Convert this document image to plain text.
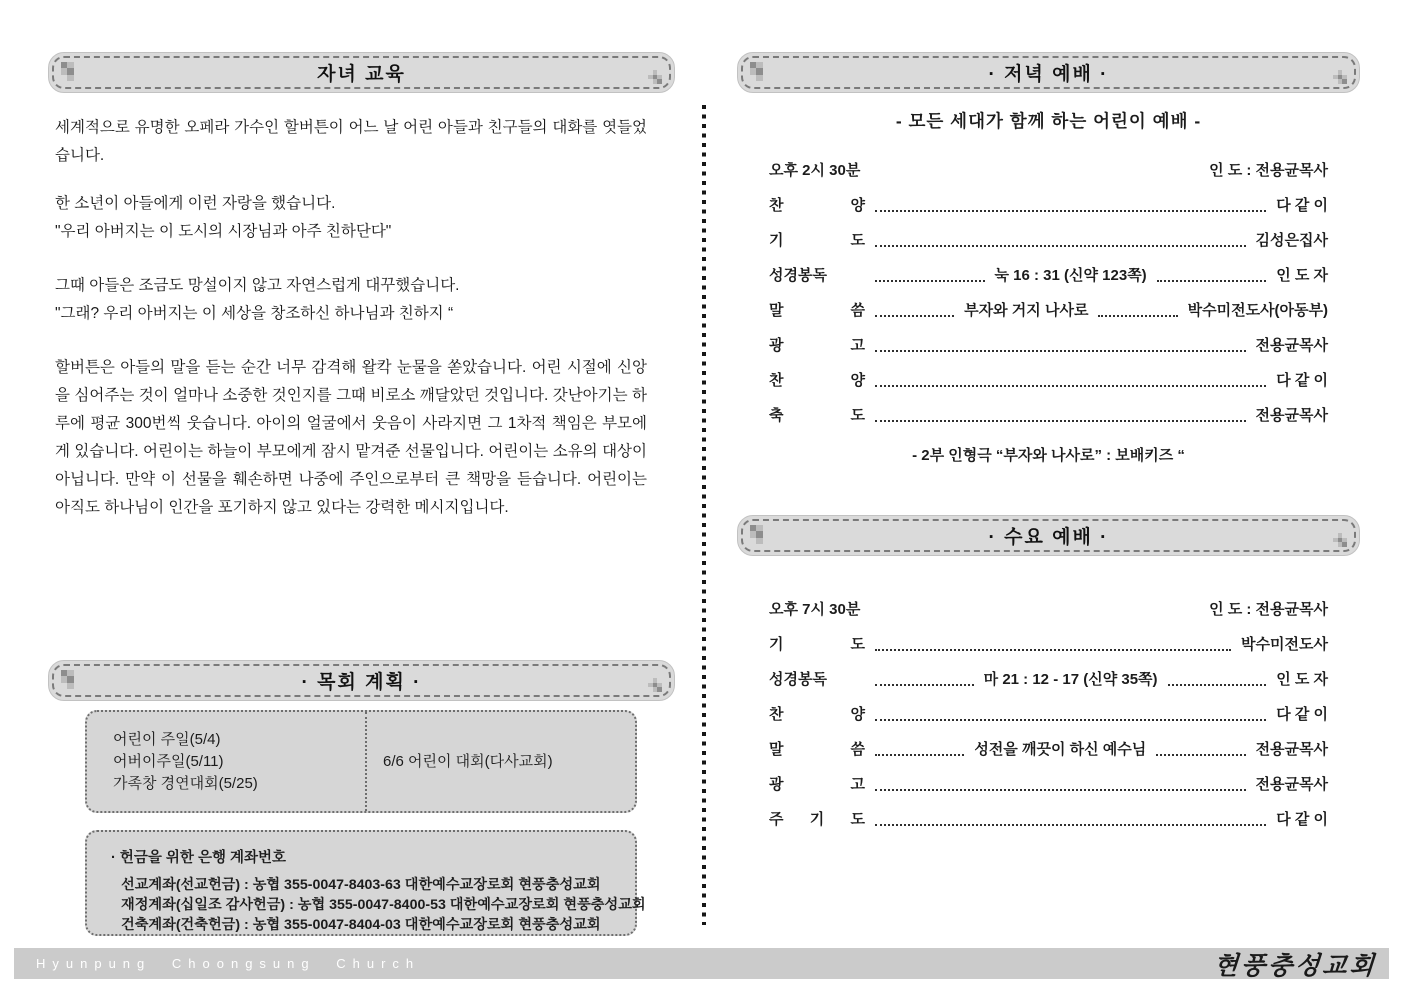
자녀 교육

세계적으로 유명한 오페라 가수인 할버튼이 어느 날 어린 아들과 친구들의 대화를 엿들었습니다.

한 소년이 아들에게 이런 자랑을 했습니다.

"우리 아버지는 이 도시의 시장님과 아주 친하단다"

그때 아들은 조금도 망설이지 않고 자연스럽게 대꾸했습니다.

"그래? 우리 아버지는 이 세상을 창조하신 하나님과 친하지 “

할버튼은 아들의 말을 듣는 순간 너무 감격해 왈칵 눈물을 쏟았습니다. 어린 시절에 신앙을 심어주는 것이 얼마나 소중한 것인지를 그때 비로소 깨달았던 것입니다. 갓난아기는 하루에 평균 300번씩 웃습니다. 아이의 얼굴에서 웃음이 사라지면 그 1차적 책임은 부모에게 있습니다. 어린이는 하늘이 부모에게 잠시 맡겨준 선물입니다. 어린이는 소유의 대상이 아닙니다. 만약 이 선물을 훼손하면 나중에 주인으로부터 큰 책망을 듣습니다. 어린이는 아직도 하나님이 인간을 포기하지 않고 있다는 강력한 메시지입니다.

· 목회 계획 ·
어린이 주일(5/4)
어버이주일(5/11)
가족창 경연대회(5/25)
6/6 어린이 대회(다사교회)
· 헌금을 위한 은행 계좌번호
선교계좌(선교헌금) : 농협 355-0047-8403-63 대한예수교장로회 현풍충성교회
재정계좌(십일조 감사헌금) : 농협 355-0047-8400-53 대한예수교장로회 현풍충성교회
건축계좌(건축헌금) : 농협 355-0047-8404-03 대한예수교장로회 현풍충성교회
· 저녁 예배 ·
- 모든 세대가 함께 하는 어린이 예배 -
오후 2시 30분	인 도 : 전용균목사
찬 양	다 같 이
기 도	김성은집사
성경봉독	눅 16 : 31 (신약 123쪽)	인 도 자
말 씀	부자와 거지 나사로	박수미전도사(아동부)
광 고	전용균목사
찬 양	다 같 이
축 도	전용균목사
- 2부 인형극 “부자와 나사로” : 보배키즈 “
· 수요 예배 ·
오후 7시 30분	인 도 : 전용균목사
기 도	박수미전도사
성경봉독	마 21 : 12 - 17 (신약 35쪽)	인 도 자
찬 양	다 같 이
말 씀	성전을 깨끗이 하신 예수님	전용균목사
광 고	전용균목사
주 기 도	다 같 이
Hyunpung Choongsung Church	현풍충성교회
